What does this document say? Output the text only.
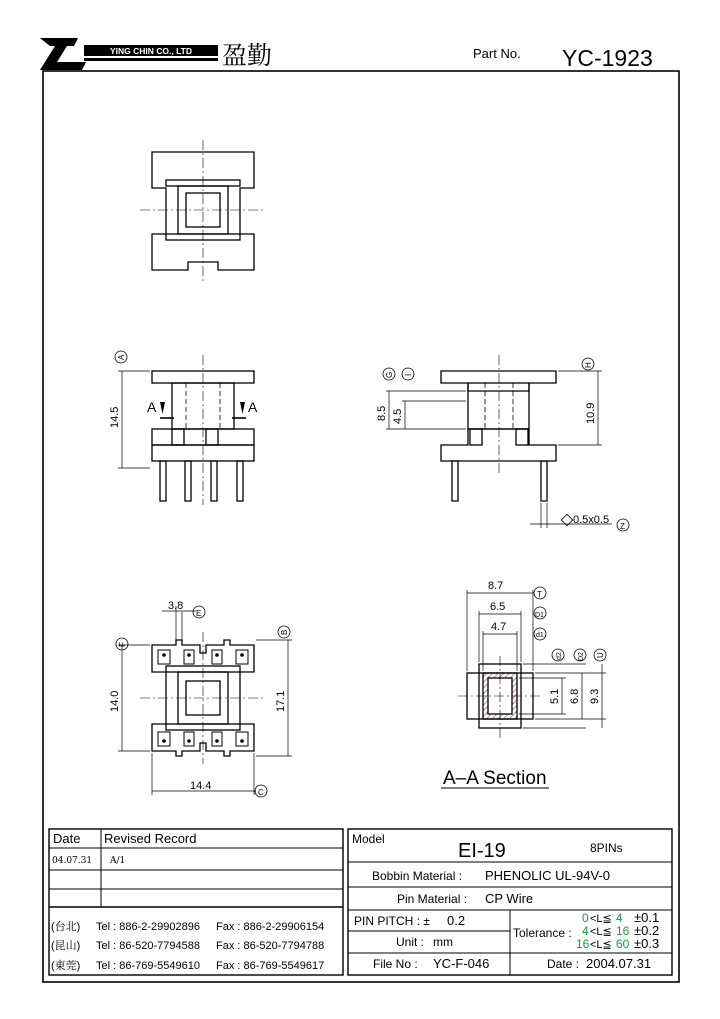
YING CHIN CO., LTD 盈勤	Part No. YC-1923
A	A
14.5
A
G I
H
8.5 4.5	10.9
0.5x0.5
Z
3.8
E
F
B
14.0	17.1
14.4
C
8.7
6.5
4.7
T
D1
d1
d2 D2 U
5.1 6.8 9.3
A–A Section
Date Revised Record
04.07.31 A/1
(台北) Tel : 886-2-29902896 Fax : 886-2-29906154
(昆山) Tel : 86-520-7794588 Fax : 86-520-7794788
(東莞) Tel : 86-769-5549610 Fax : 86-769-5549617
Model
EI-19	8PINs
Bobbin Material : PHENOLIC UL-94V-0
Pin Material : CP Wire
PIN PITCH : ± 0.2
Unit : mm
File No : YC-F-046
Tolerance :
0 <L≦ 4 ±0.1
4 <L≦ 16 ±0.2
16 <L≦ 60 ±0.3
Date : 2004.07.31
